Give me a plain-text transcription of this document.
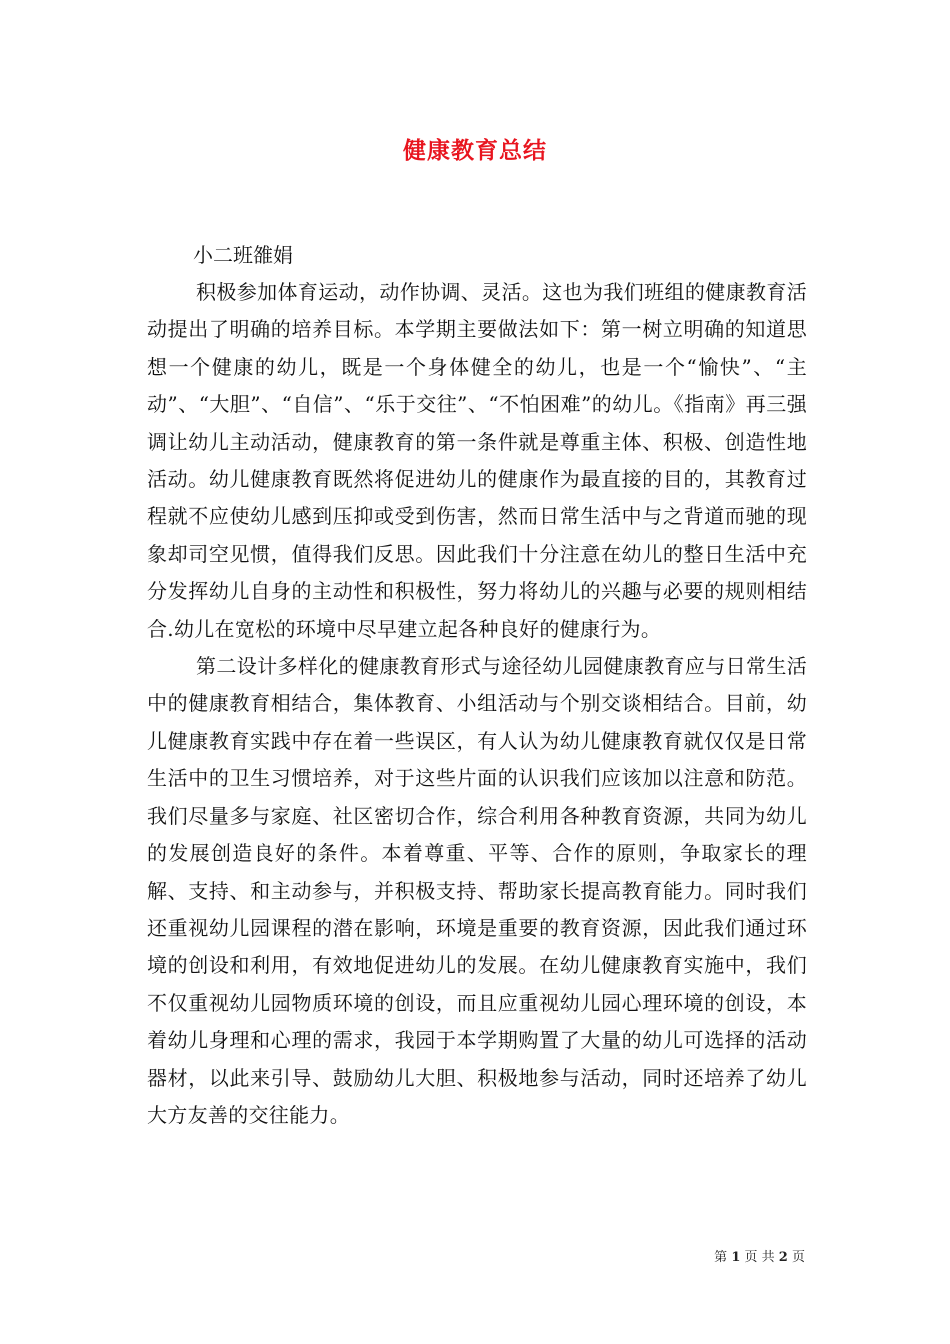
健康教育总结
小二班雒娟

积极参加体育运动，动作协调、灵活。这也为我们班组的健康教育活动提出了明确的培养目标。本学期主要做法如下：第一树立明确的知道思想一个健康的幼儿，既是一个身体健全的幼儿，也是一个“愉快”、“主动”、“大胆”、“自信”、“乐于交往”、“不怕困难”的幼儿。《指南》再三强调让幼儿主动活动，健康教育的第一条件就是尊重主体、积极、创造性地活动。幼儿健康教育既然将促进幼儿的健康作为最直接的目的，其教育过程就不应使幼儿感到压抑或受到伤害，然而日常生活中与之背道而驰的现象却司空见惯，值得我们反思。因此我们十分注意在幼儿的整日生活中充分发挥幼儿自身的主动性和积极性，努力将幼儿的兴趣与必要的规则相结合.幼儿在宽松的环境中尽早建立起各种良好的健康行为。

第二设计多样化的健康教育形式与途径幼儿园健康教育应与日常生活中的健康教育相结合，集体教育、小组活动与个别交谈相结合。目前，幼儿健康教育实践中存在着一些误区，有人认为幼儿健康教育就仅仅是日常生活中的卫生习惯培养，对于这些片面的认识我们应该加以注意和防范。我们尽量多与家庭、社区密切合作，综合利用各种教育资源，共同为幼儿的发展创造良好的条件。本着尊重、平等、合作的原则，争取家长的理解、支持、和主动参与，并积极支持、帮助家长提高教育能力。同时我们还重视幼儿园课程的潜在影响，环境是重要的教育资源，因此我们通过环境的创设和利用，有效地促进幼儿的发展。在幼儿健康教育实施中，我们不仅重视幼儿园物质环境的创设，而且应重视幼儿园心理环境的创设，本着幼儿身理和心理的需求，我园于本学期购置了大量的幼儿可选择的活动器材，以此来引导、鼓励幼儿大胆、积极地参与活动，同时还培养了幼儿大方友善的交往能力。

第 1 页 共 2 页
